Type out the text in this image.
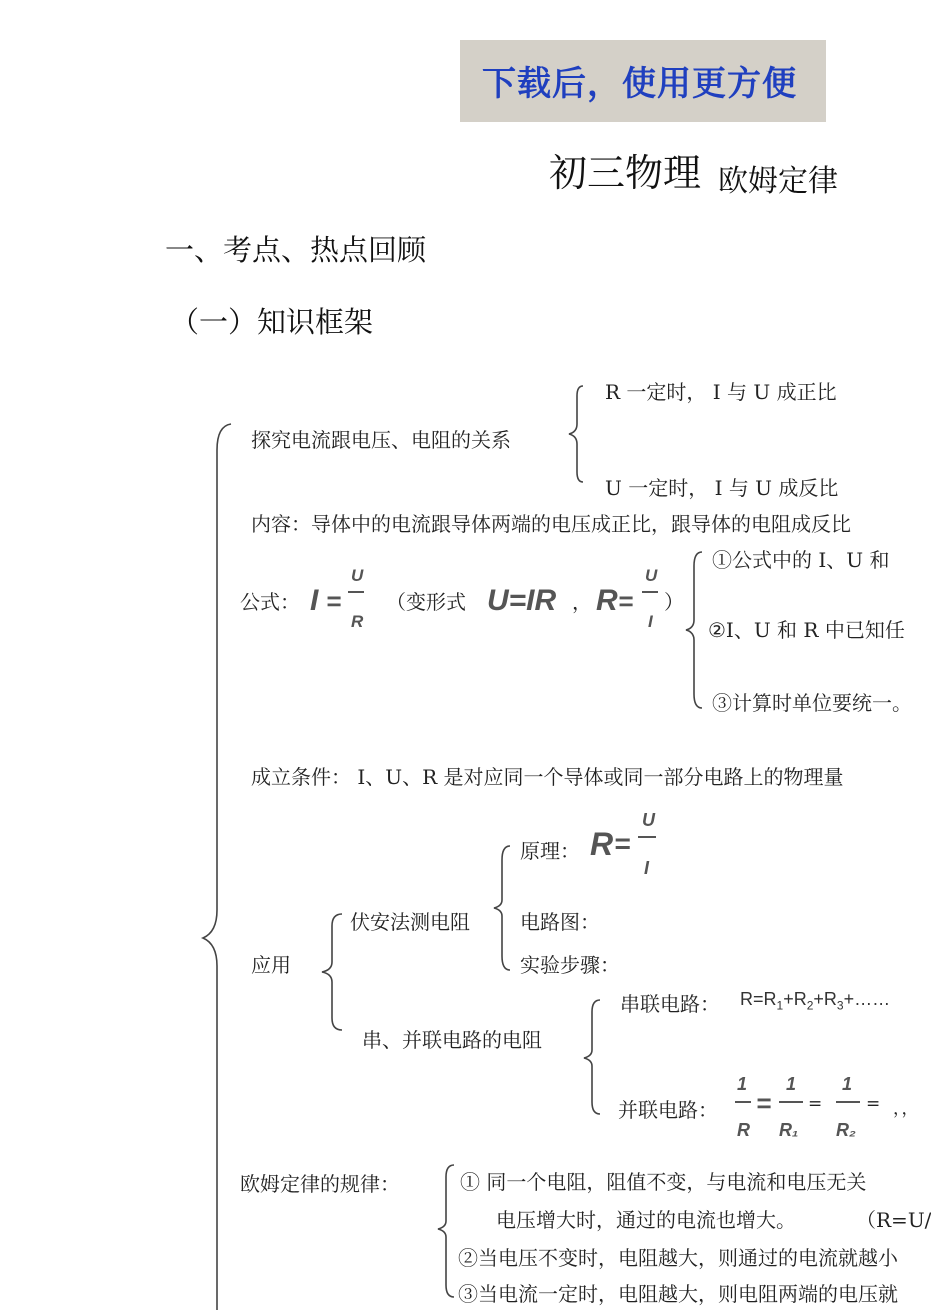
下载后，使用更方便
初三物理 欧姆定律
一、考点、热点回顾
（一）知识框架
探究电流跟电压、电阻的关系
R 一定时， I 与 U 成正比
U 一定时， I 与 U 成反比
内容：导体中的电流跟导体两端的电压成正比，跟导体的电阻成反比
公式： I =
U
R
（变形式 U=IR ， R =
U
I
）
①公式中的 I、U 和
②I、U 和 R 中已知任
③计算时单位要统一。
成立条件： I、U、R 是对应同一个导体或同一部分电路上的物理量
应用
伏安法测电阻
原理： R =
U
I
电路图：
实验步骤：
串、并联电路的电阻
串联电路： $R=R_1+R_2+R_3+\dots\dots$
并联电路：
1
R
=
1
R₁
=
1
R₂
= ，，
欧姆定律的规律：	① 同一个电阻，阻值不变，与电流和电压无关
电压增大时，通过的电流也增大。	（R=U/
②当电压不变时，电阻越大，则通过的电流就越小
③当电流一定时，电阻越大，则电阻两端的电压就
